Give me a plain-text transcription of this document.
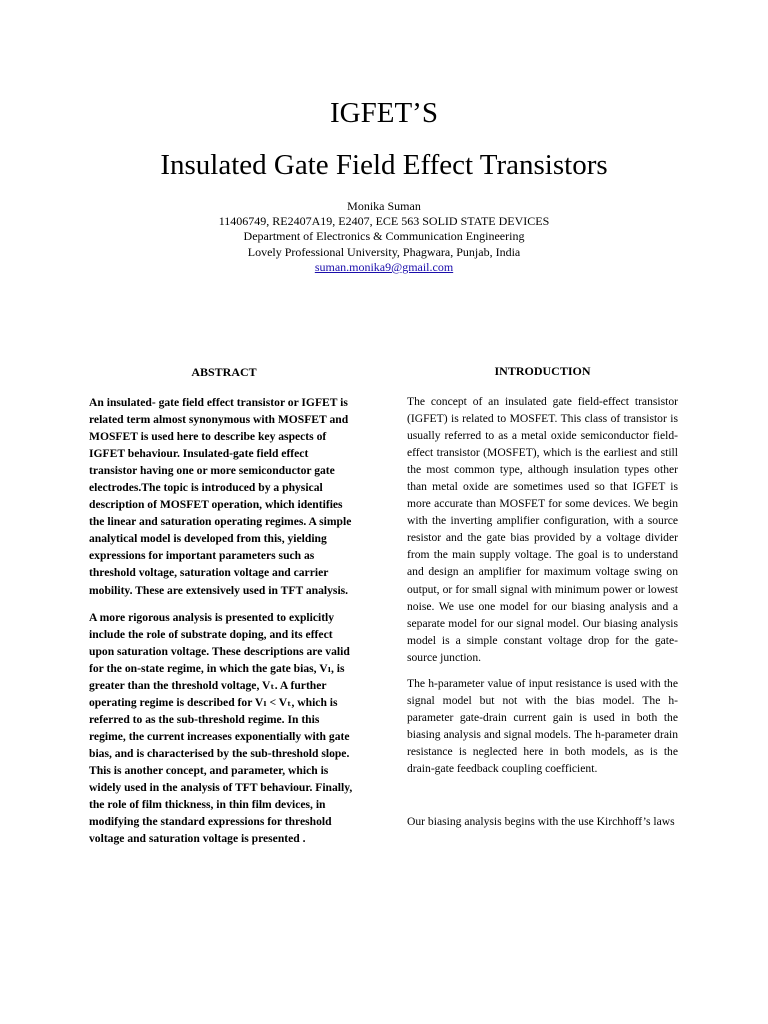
IGFET’S
Insulated Gate Field Effect Transistors
Monika Suman
11406749, RE2407A19, E2407, ECE 563 SOLID STATE DEVICES
Department of Electronics & Communication Engineering
Lovely Professional University, Phagwara, Punjab, India
suman.monika9@gmail.com
ABSTRACT

An insulated- gate field effect transistor or IGFET is related term almost synonymous with MOSFET and MOSFET is used here to describe key aspects of IGFET behaviour. Insulated-gate field effect transistor having one or more semiconductor gate electrodes.The topic is introduced by a physical description of MOSFET operation, which identifies the linear and saturation operating regimes. A simple analytical model is developed from this, yielding expressions for important parameters such as threshold voltage, saturation voltage and carrier mobility. These are extensively used in TFT analysis.

A more rigorous analysis is presented to explicitly include the role of substrate doping, and its effect upon saturation voltage. These descriptions are valid for the on-state regime, in which the gate bias, Vₗ, is greater than the threshold voltage, Vₜ. A further operating regime is described for Vₗ < Vₜ, which is referred to as the sub-threshold regime. In this regime, the current increases exponentially with gate bias, and is characterised by the sub-threshold slope. This is another concept, and parameter, which is widely used in the analysis of TFT behaviour. Finally, the role of film thickness, in thin film devices, in modifying the standard expressions for threshold voltage and saturation voltage is presented .

INTRODUCTION

The concept of an insulated gate field-effect transistor (IGFET) is related to MOSFET. This class of transistor is usually referred to as a metal oxide semiconductor field-effect transistor (MOSFET), which is the earliest and still the most common type, although insulation types other than metal oxide are sometimes used so that IGFET is more accurate than MOSFET for some devices. We begin with the inverting amplifier configuration, with a source resistor and the gate bias provided by a voltage divider from the main supply voltage. The goal is to understand and design an amplifier for maximum voltage swing on output, or for small signal with minimum power or lowest noise. We use one model for our biasing analysis and a separate model for our signal model. Our biasing analysis model is a simple constant voltage drop for the gate-source junction.

The h-parameter value of input resistance is used with the signal model but not with the bias model. The h-parameter gate-drain current gain is used in both the biasing analysis and signal models. The h-parameter drain resistance is neglected here in both models, as is the drain-gate feedback coupling coefficient.

Our biasing analysis begins with the use Kirchhoff’s laws
